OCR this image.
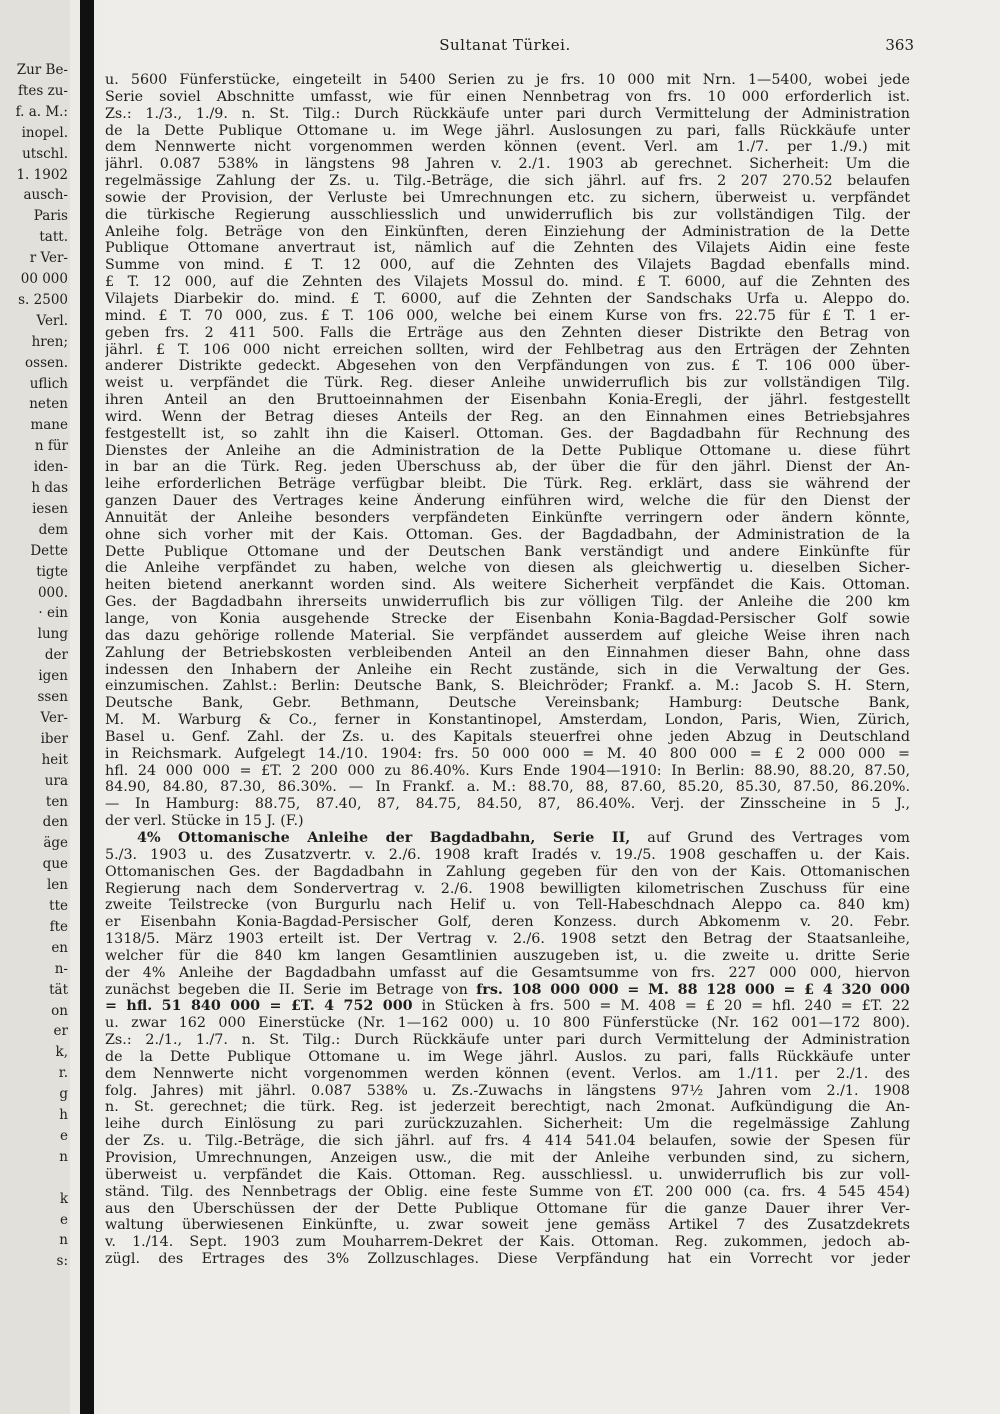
Zur Be-
ftes zu-
f. a. M.:
inopel.
utschl.
1. 1902
ausch-
Paris
tatt.
r Ver-
00 000
s. 2500
Verl.
hren;
ossen.
uflich
neten
mane
n für
iden-
h das
iesen
dem
Dette
tigte
000.
· ein
lung
der
igen
ssen
Ver-
iber
heit
ura
ten
den
äge
que
len
tte
fte
en
n-
tät
on
er
k,
r.
g
h
e
n
k
e
n
s:
Sultanat Türkei.	363
u. 5600 Fünferstücke, eingeteilt in 5400 Serien zu je frs. 10 000 mit Nrn. 1—5400, wobei jede
Serie soviel Abschnitte umfasst, wie für einen Nennbetrag von frs. 10 000 erforderlich ist.
Zs.: 1./3., 1./9. n. St. Tilg.: Durch Rückkäufe unter pari durch Vermittelung der Administration
de la Dette Publique Ottomane u. im Wege jährl. Auslosungen zu pari, falls Rückkäufe unter
dem Nennwerte nicht vorgenommen werden können (event. Verl. am 1./7. per 1./9.) mit
jährl. 0.087 538% in längstens 98 Jahren v. 2./1. 1903 ab gerechnet. Sicherheit: Um die
regelmässige Zahlung der Zs. u. Tilg.-Beträge, die sich jährl. auf frs. 2 207 270.52 belaufen
sowie der Provision, der Verluste bei Umrechnungen etc. zu sichern, überweist u. verpfändet
die türkische Regierung ausschliesslich und unwiderruflich bis zur vollständigen Tilg. der
Anleihe folg. Beträge von den Einkünften, deren Einziehung der Administration de la Dette
Publique Ottomane anvertraut ist, nämlich auf die Zehnten des Vilajets Aidin eine feste
Summe von mind. £ T. 12 000, auf die Zehnten des Vilajets Bagdad ebenfalls mind.
£ T. 12 000, auf die Zehnten des Vilajets Mossul do. mind. £ T. 6000, auf die Zehnten des
Vilajets Diarbekir do. mind. £ T. 6000, auf die Zehnten der Sandschaks Urfa u. Aleppo do.
mind. £ T. 70 000, zus. £ T. 106 000, welche bei einem Kurse von frs. 22.75 für £ T. 1 er-
geben frs. 2 411 500. Falls die Erträge aus den Zehnten dieser Distrikte den Betrag von
jährl. £ T. 106 000 nicht erreichen sollten, wird der Fehlbetrag aus den Erträgen der Zehnten
anderer Distrikte gedeckt. Abgesehen von den Verpfändungen von zus. £ T. 106 000 über-
weist u. verpfändet die Türk. Reg. dieser Anleihe unwiderruflich bis zur vollständigen Tilg.
ihren Anteil an den Bruttoeinnahmen der Eisenbahn Konia-Eregli, der jährl. festgestellt
wird. Wenn der Betrag dieses Anteils der Reg. an den Einnahmen eines Betriebsjahres
festgestellt ist, so zahlt ihn die Kaiserl. Ottoman. Ges. der Bagdadbahn für Rechnung des
Dienstes der Anleihe an die Administration de la Dette Publique Ottomane u. diese führt
in bar an die Türk. Reg. jeden Überschuss ab, der über die für den jährl. Dienst der An-
leihe erforderlichen Beträge verfügbar bleibt. Die Türk. Reg. erklärt, dass sie während der
ganzen Dauer des Vertrages keine Änderung einführen wird, welche die für den Dienst der
Annuität der Anleihe besonders verpfändeten Einkünfte verringern oder ändern könnte,
ohne sich vorher mit der Kais. Ottoman. Ges. der Bagdadbahn, der Administration de la
Dette Publique Ottomane und der Deutschen Bank verständigt und andere Einkünfte für
die Anleihe verpfändet zu haben, welche von diesen als gleichwertig u. dieselben Sicher-
heiten bietend anerkannt worden sind. Als weitere Sicherheit verpfändet die Kais. Ottoman.
Ges. der Bagdadbahn ihrerseits unwiderruflich bis zur völligen Tilg. der Anleihe die 200 km
lange, von Konia ausgehende Strecke der Eisenbahn Konia-Bagdad-Persischer Golf sowie
das dazu gehörige rollende Material. Sie verpfändet ausserdem auf gleiche Weise ihren nach
Zahlung der Betriebskosten verbleibenden Anteil an den Einnahmen dieser Bahn, ohne dass
indessen den Inhabern der Anleihe ein Recht zustände, sich in die Verwaltung der Ges.
einzumischen. Zahlst.: Berlin: Deutsche Bank, S. Bleichröder; Frankf. a. M.: Jacob S. H. Stern,
Deutsche Bank, Gebr. Bethmann, Deutsche Vereinsbank; Hamburg: Deutsche Bank,
M. M. Warburg & Co., ferner in Konstantinopel, Amsterdam, London, Paris, Wien, Zürich,
Basel u. Genf. Zahl. der Zs. u. des Kapitals steuerfrei ohne jeden Abzug in Deutschland
in Reichsmark. Aufgelegt 14./10. 1904: frs. 50 000 000 = M. 40 800 000 = £ 2 000 000 =
hfl. 24 000 000 = £T. 2 200 000 zu 86.40%. Kurs Ende 1904—1910: In Berlin: 88.90, 88.20, 87.50,
84.90, 84.80, 87.30, 86.30%. — In Frankf. a. M.: 88.70, 88, 87.60, 85.20, 85.30, 87.50, 86.20%.
— In Hamburg: 88.75, 87.40, 87, 84.75, 84.50, 87, 86.40%. Verj. der Zinsscheine in 5 J.,
der verl. Stücke in 15 J. (F.)
4% Ottomanische Anleihe der Bagdadbahn, Serie II, auf Grund des Vertrages vom
5./3. 1903 u. des Zusatzvertr. v. 2./6. 1908 kraft Iradés v. 19./5. 1908 geschaffen u. der Kais.
Ottomanischen Ges. der Bagdadbahn in Zahlung gegeben für den von der Kais. Ottomanischen
Regierung nach dem Sondervertrag v. 2./6. 1908 bewilligten kilometrischen Zuschuss für eine
zweite Teilstrecke (von Burgurlu nach Helif u. von Tell-Habeschdnach Aleppo ca. 840 km)
er Eisenbahn Konia-Bagdad-Persischer Golf, deren Konzess. durch Abkomenm v. 20. Febr.
1318/5. März 1903 erteilt ist. Der Vertrag v. 2./6. 1908 setzt den Betrag der Staatsanleihe,
welcher für die 840 km langen Gesamtlinien auszugeben ist, u. die zweite u. dritte Serie
der 4% Anleihe der Bagdadbahn umfasst auf die Gesamtsumme von frs. 227 000 000, hiervon
zunächst begeben die II. Serie im Betrage von frs. 108 000 000 = M. 88 128 000 = £ 4 320 000
= hfl. 51 840 000 = £T. 4 752 000 in Stücken à frs. 500 = M. 408 = £ 20 = hfl. 240 = £T. 22
u. zwar 162 000 Einerstücke (Nr. 1—162 000) u. 10 800 Fünferstücke (Nr. 162 001—172 800).
Zs.: 2./1., 1./7. n. St. Tilg.: Durch Rückkäufe unter pari durch Vermittelung der Administration
de la Dette Publique Ottomane u. im Wege jährl. Auslos. zu pari, falls Rückkäufe unter
dem Nennwerte nicht vorgenommen werden können (event. Verlos. am 1./11. per 2./1. des
folg. Jahres) mit jährl. 0.087 538% u. Zs.-Zuwachs in längstens 97½ Jahren vom 2./1. 1908
n. St. gerechnet; die türk. Reg. ist jederzeit berechtigt, nach 2monat. Aufkündigung die An-
leihe durch Einlösung zu pari zurückzuzahlen. Sicherheit: Um die regelmässige Zahlung
der Zs. u. Tilg.-Beträge, die sich jährl. auf frs. 4 414 541.04 belaufen, sowie der Spesen für
Provision, Umrechnungen, Anzeigen usw., die mit der Anleihe verbunden sind, zu sichern,
überweist u. verpfändet die Kais. Ottoman. Reg. ausschliessl. u. unwiderruflich bis zur voll-
ständ. Tilg. des Nennbetrags der Oblig. eine feste Summe von £T. 200 000 (ca. frs. 4 545 454)
aus den Überschüssen der der Dette Publique Ottomane für die ganze Dauer ihrer Ver-
waltung überwiesenen Einkünfte, u. zwar soweit jene gemäss Artikel 7 des Zusatzdekrets
v. 1./14. Sept. 1903 zum Mouharrem-Dekret der Kais. Ottoman. Reg. zukommen, jedoch ab-
zügl. des Ertrages des 3% Zollzuschlages. Diese Verpfändung hat ein Vorrecht vor jeder
